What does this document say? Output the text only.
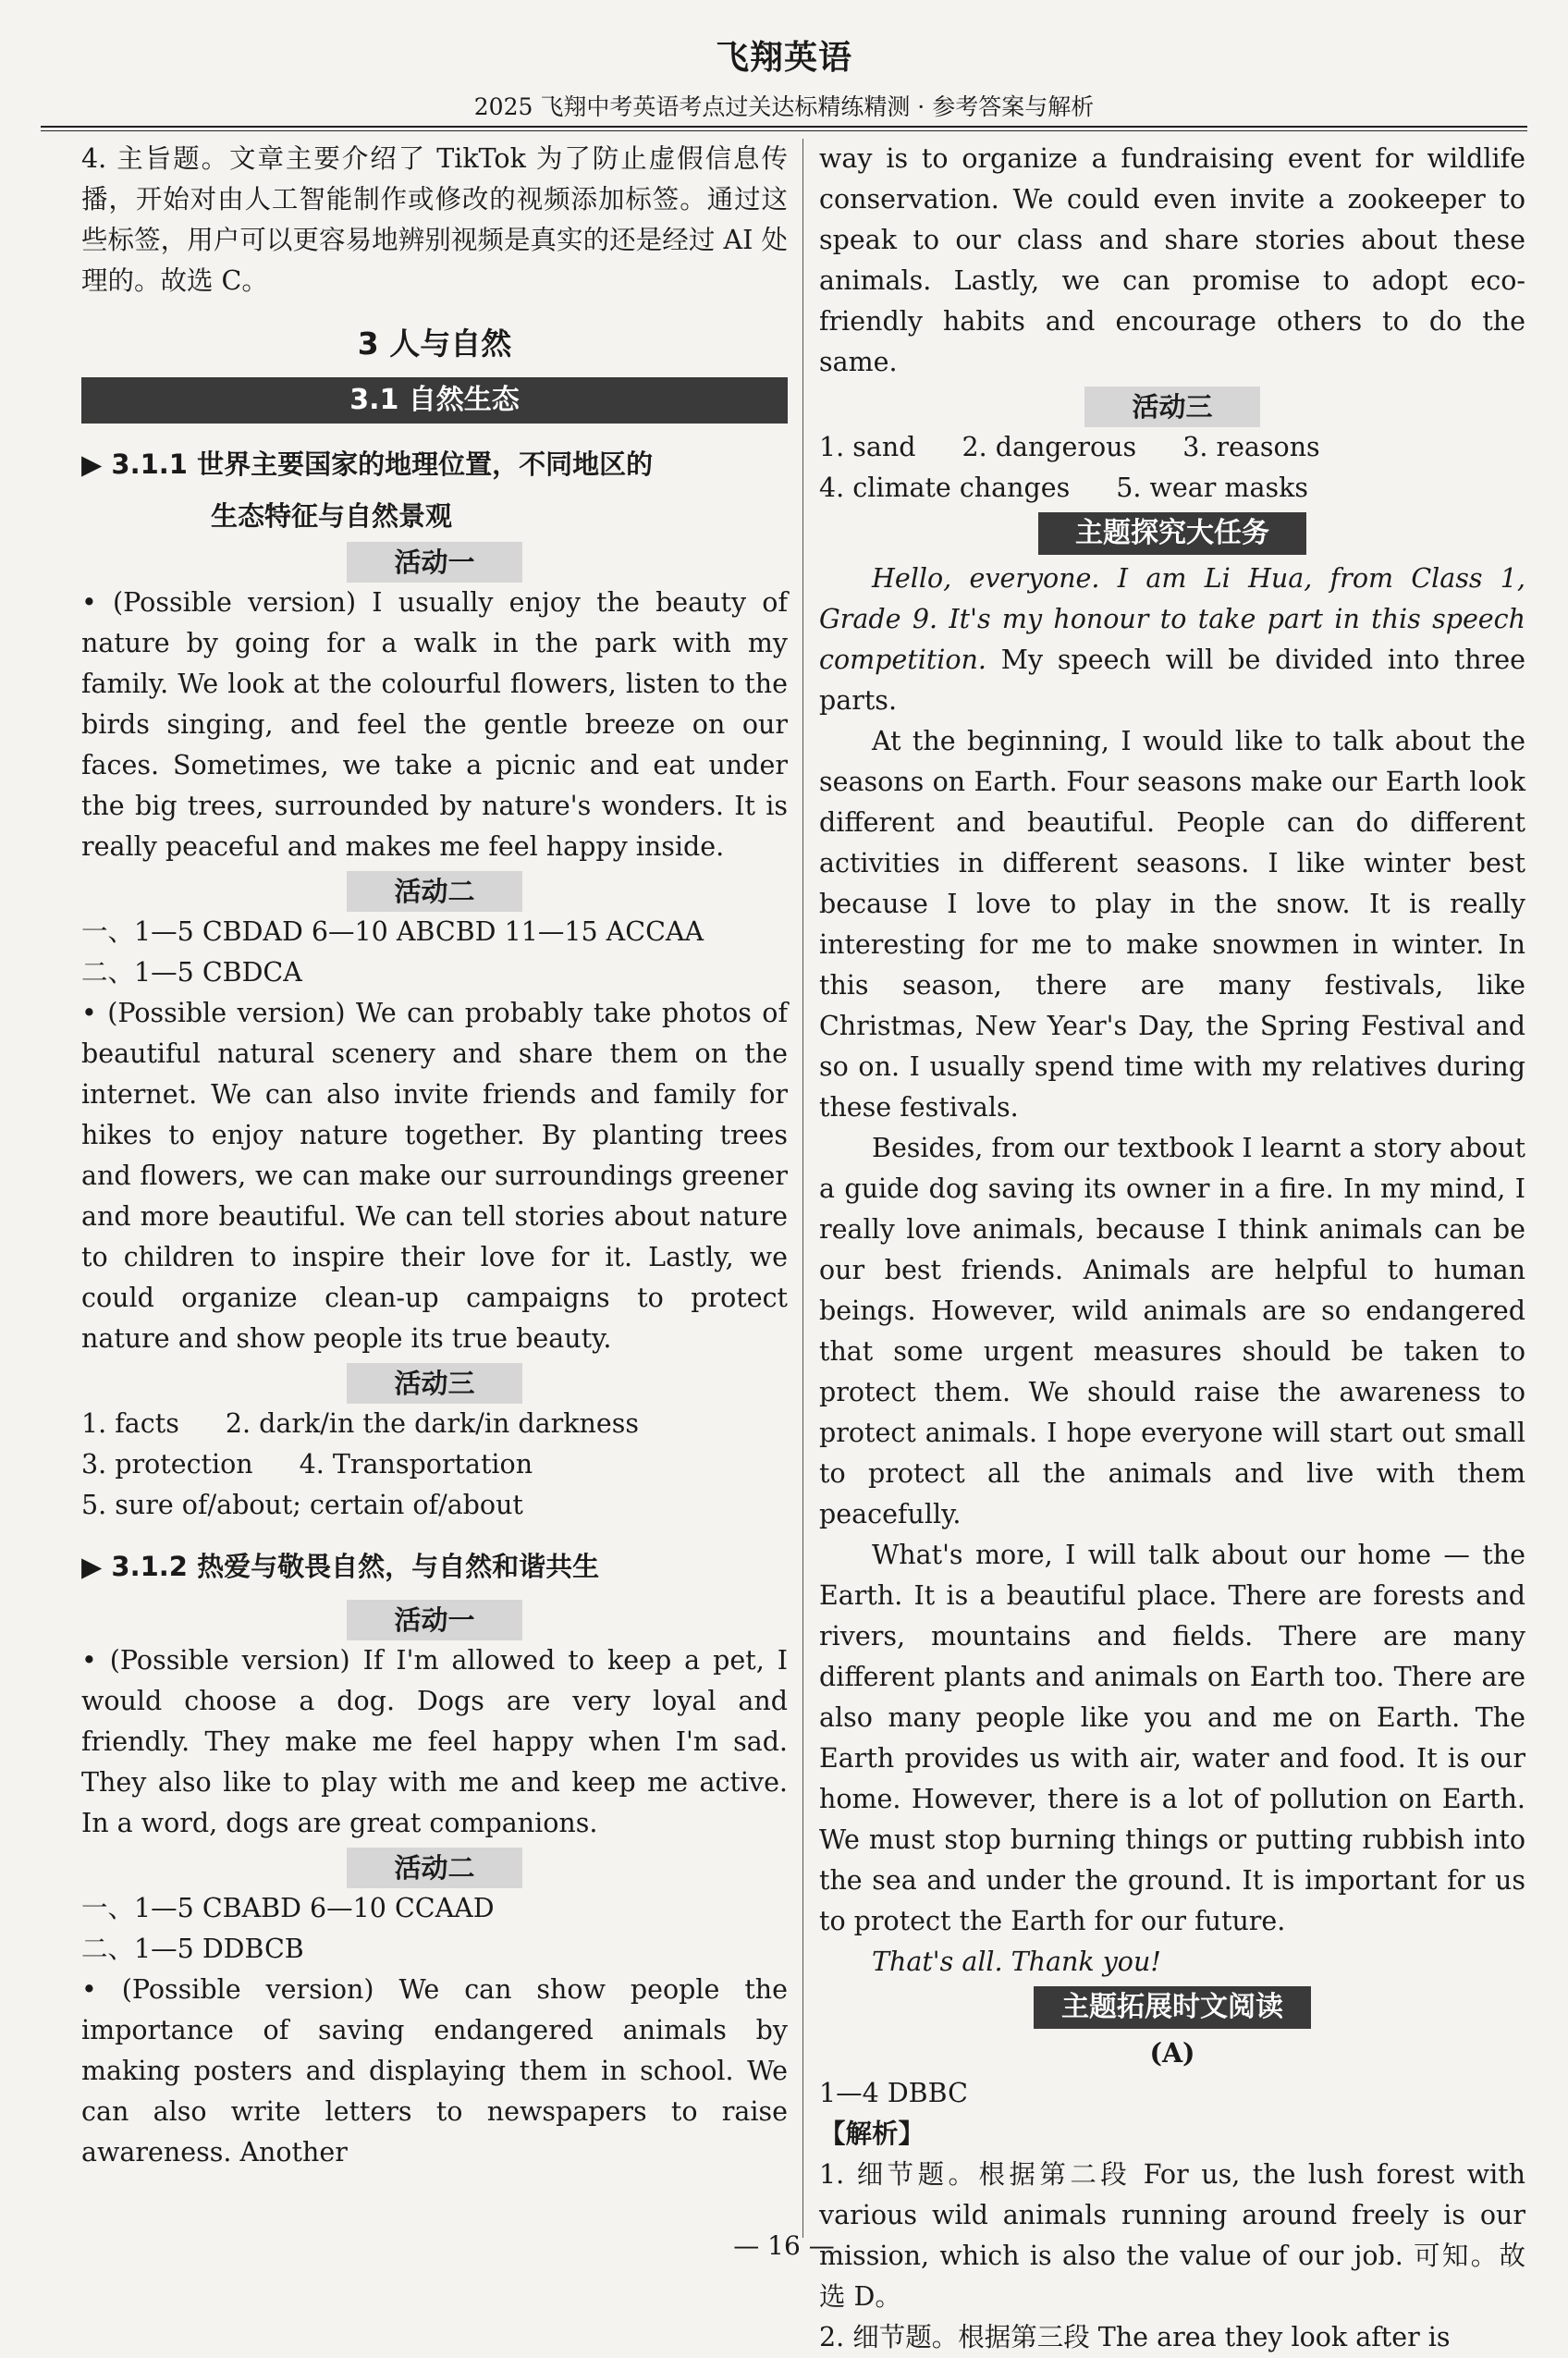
飞翔英语
2025 飞翔中考英语考点过关达标精练精测 · 参考答案与解析

4. 主旨题。文章主要介绍了 TikTok 为了防止虚假信息传播，开始对由人工智能制作或修改的视频添加标签。通过这些标签，用户可以更容易地辨别视频是真实的还是经过 AI 处理的。故选 C。

3 人与自然
3.1 自然生态
▶ 3.1.1 世界主要国家的地理位置，不同地区的
生态特征与自然景观
活动一

• (Possible version) I usually enjoy the beauty of nature by going for a walk in the park with my family. We look at the colourful flowers, listen to the birds singing, and feel the gentle breeze on our faces. Sometimes, we take a picnic and eat under the big trees, surrounded by nature's wonders. It is really peaceful and makes me feel happy inside.

活动二

一、1—5 CBDAD 6—10 ABCBD 11—15 ACCAA

二、1—5 CBDCA

• (Possible version) We can probably take photos of beautiful natural scenery and share them on the internet. We can also invite friends and family for hikes to enjoy nature together. By planting trees and flowers, we can make our surroundings greener and more beautiful. We can tell stories about nature to children to inspire their love for it. Lastly, we could organize clean-up campaigns to protect nature and show people its true beauty.

活动三
1. facts 2. dark/in the dark/in darkness
3. protection 4. Transportation
5. sure of/about; certain of/about
▶ 3.1.2 热爱与敬畏自然，与自然和谐共生
活动一

• (Possible version) If I'm allowed to keep a pet, I would choose a dog. Dogs are very loyal and friendly. They make me feel happy when I'm sad. They also like to play with me and keep me active. In a word, dogs are great companions.

活动二

一、1—5 CBABD 6—10 CCAAD

二、1—5 DDBCB

• (Possible version) We can show people the importance of saving endangered animals by making posters and displaying them in school. We can also write letters to newspapers to raise awareness. Another

way is to organize a fundraising event for wildlife conservation. We could even invite a zookeeper to speak to our class and share stories about these animals. Lastly, we can promise to adopt eco-friendly habits and encourage others to do the same.

活动三
1. sand 2. dangerous 3. reasons
4. climate changes 5. wear masks
主题探究大任务

Hello, everyone. I am Li Hua, from Class 1, Grade 9. It's my honour to take part in this speech competition. My speech will be divided into three parts.

At the beginning, I would like to talk about the seasons on Earth. Four seasons make our Earth look different and beautiful. People can do different activities in different seasons. I like winter best because I love to play in the snow. It is really interesting for me to make snowmen in winter. In this season, there are many festivals, like Christmas, New Year's Day, the Spring Festival and so on. I usually spend time with my relatives during these festivals.

Besides, from our textbook I learnt a story about a guide dog saving its owner in a fire. In my mind, I really love animals, because I think animals can be our best friends. Animals are helpful to human beings. However, wild animals are so endangered that some urgent measures should be taken to protect them. We should raise the awareness to protect animals. I hope everyone will start out small to protect all the animals and live with them peacefully.

What's more, I will talk about our home — the Earth. It is a beautiful place. There are forests and rivers, mountains and fields. There are many different plants and animals on Earth too. There are also many people like you and me on Earth. The Earth provides us with air, water and food. It is our home. However, there is a lot of pollution on Earth. We must stop burning things or putting rubbish into the sea and under the ground. It is important for us to protect the Earth for our future.

That's all. Thank you!

主题拓展时文阅读

(A)

1—4 DBBC

【解析】

1. 细节题。根据第二段 For us, the lush forest with various wild animals running around freely is our mission, which is also the value of our job. 可知。故选 D。

2. 细节题。根据第三段 The area they look after is

— 16 —
